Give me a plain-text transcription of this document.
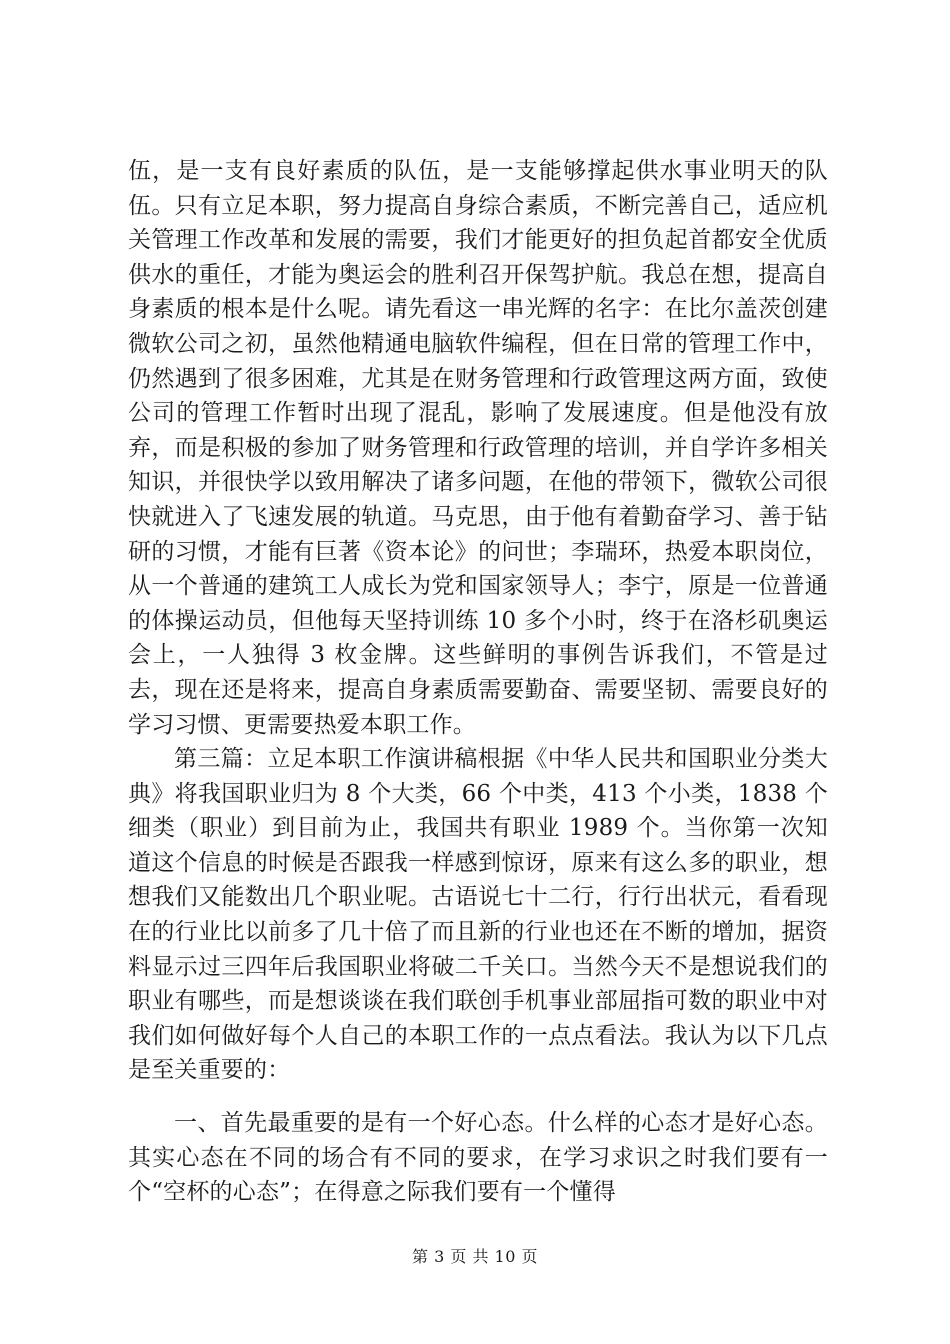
伍，是一支有良好素质的队伍，是一支能够撑起供水事业明天的队伍。只有立足本职，努力提高自身综合素质，不断完善自己，适应机关管理工作改革和发展的需要，我们才能更好的担负起首都安全优质供水的重任，才能为奥运会的胜利召开保驾护航。我总在想，提高自身素质的根本是什么呢。请先看这一串光辉的名字：在比尔盖茨创建微软公司之初，虽然他精通电脑软件编程，但在日常的管理工作中，仍然遇到了很多困难，尤其是在财务管理和行政管理这两方面，致使公司的管理工作暂时出现了混乱，影响了发展速度。但是他没有放弃，而是积极的参加了财务管理和行政管理的培训，并自学许多相关知识，并很快学以致用解决了诸多问题，在他的带领下，微软公司很快就进入了飞速发展的轨道。马克思，由于他有着勤奋学习、善于钻研的习惯，才能有巨著《资本论》的问世；李瑞环，热爱本职岗位，从一个普通的建筑工人成长为党和国家领导人；李宁，原是一位普通的体操运动员，但他每天坚持训练 10 多个小时，终于在洛杉矶奥运会上，一人独得 3 枚金牌。这些鲜明的事例告诉我们，不管是过去，现在还是将来，提高自身素质需要勤奋、需要坚韧、需要良好的学习习惯、更需要热爱本职工作。

第三篇：立足本职工作演讲稿根据《中华人民共和国职业分类大典》将我国职业归为 8 个大类，66 个中类，413 个小类，1838 个细类（职业）到目前为止，我国共有职业 1989 个。当你第一次知道这个信息的时候是否跟我一样感到惊讶，原来有这么多的职业，想想我们又能数出几个职业呢。古语说七十二行，行行出状元，看看现在的行业比以前多了几十倍了而且新的行业也还在不断的增加，据资料显示过三四年后我国职业将破二千关口。当然今天不是想说我们的职业有哪些，而是想谈谈在我们联创手机事业部屈指可数的职业中对我们如何做好每个人自己的本职工作的一点点看法。我认为以下几点是至关重要的：

一、首先最重要的是有一个好心态。什么样的心态才是好心态。其实心态在不同的场合有不同的要求，在学习求识之时我们要有一个“空杯的心态”；在得意之际我们要有一个懂得

第 3 页 共 10 页
